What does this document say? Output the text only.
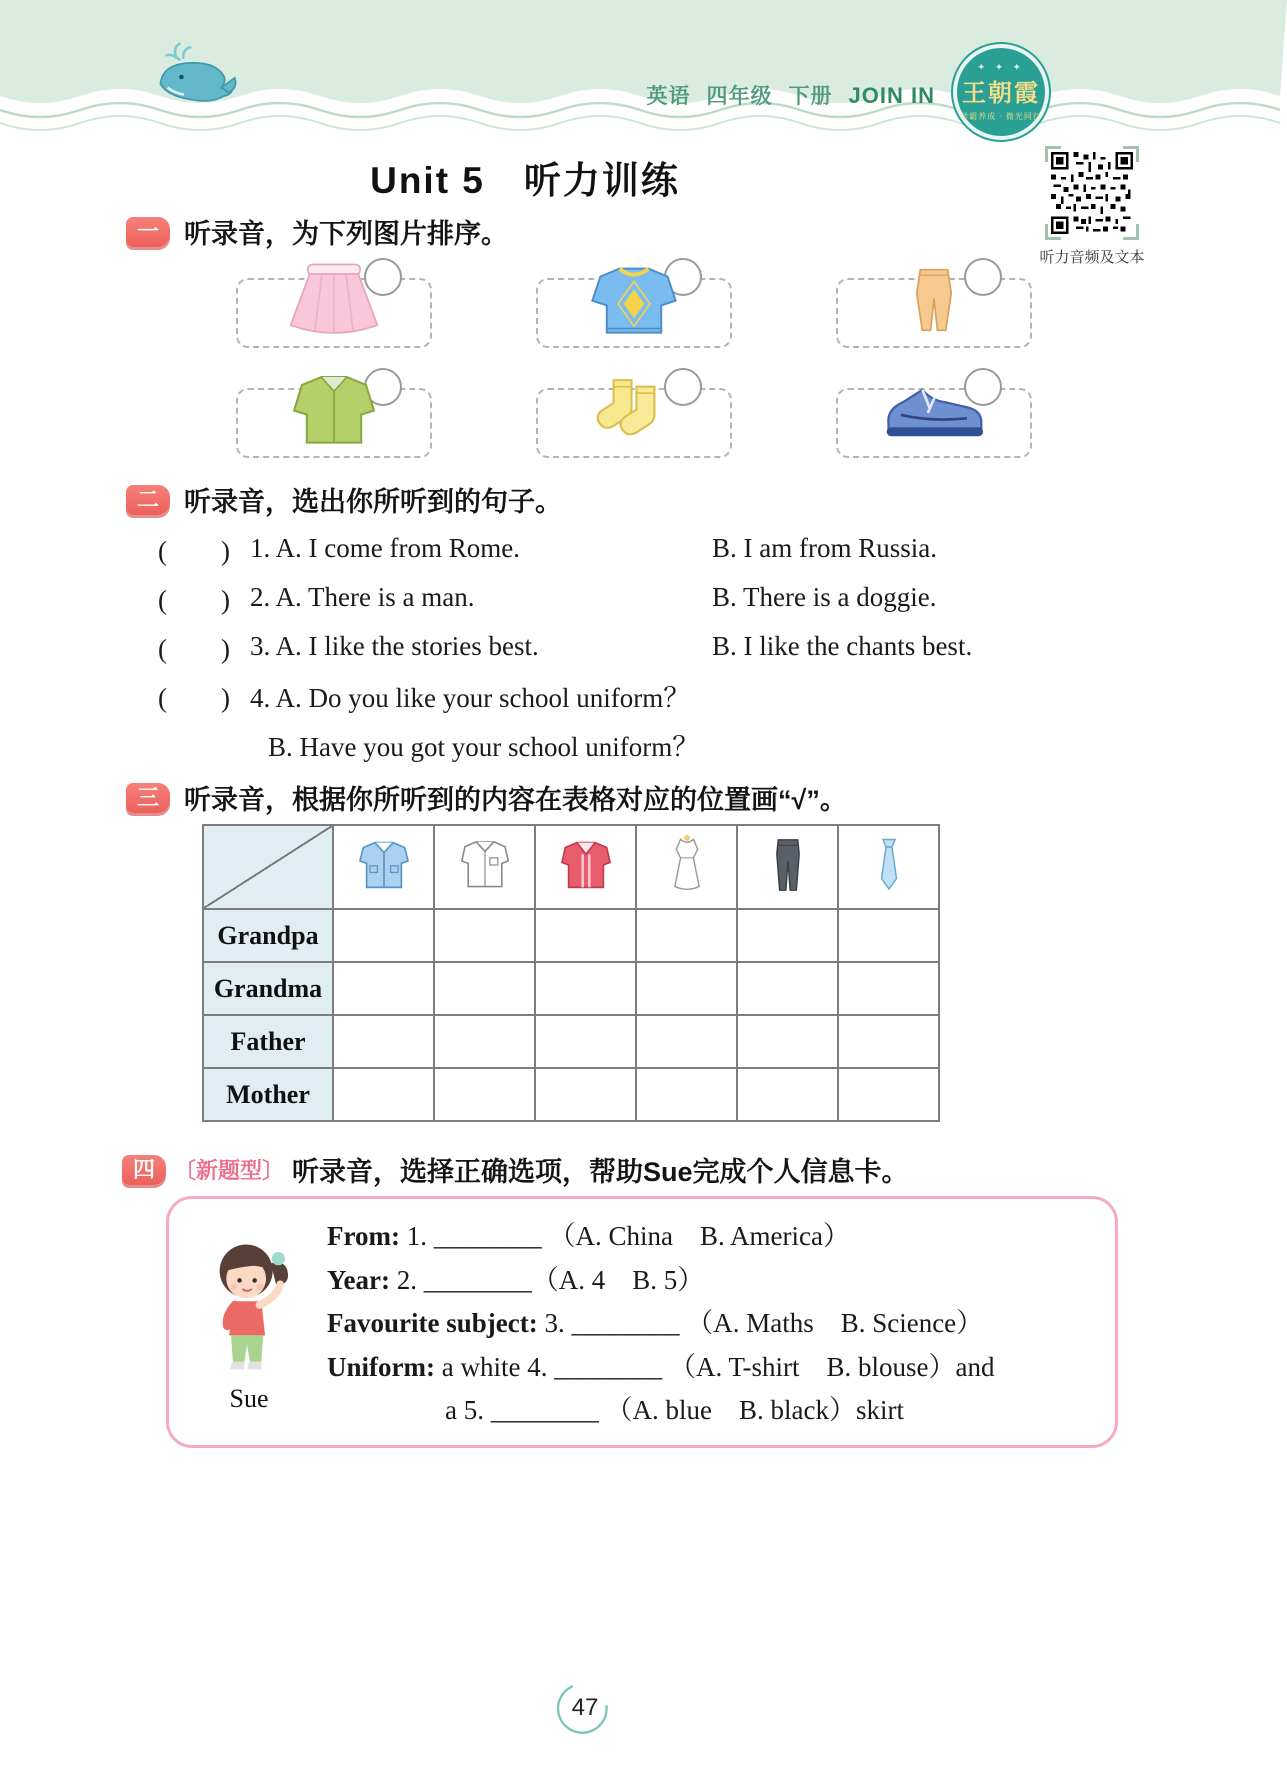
英语 四年级 下册 JOIN IN
✦ ✦ ✦
王朝霞
学霸养成 · 微光同行
Unit 5　听力训练
听力音频及文本
一 听录音，为下列图片排序。
二 听录音，选出你所听到的句子。
(　　) 1. A. I come from Rome.	B. I am from Russia.
(　　) 2. A. There is a man.	B. There is a doggie.
(　　) 3. A. I like the stories best.	B. I like the chants best.
(　　) 4. A. Do you like your school uniform？
B. Have you got your school uniform？
三 听录音，根据你所听到的内容在表格对应的位置画“√”。

Grandpa						
Grandma						
Father						
Mother						
四 〔新题型〕 听录音，选择正确选项，帮助Sue完成个人信息卡。
Sue
From: 1. ________ （A. China　B. America）
Year: 2. ________（A. 4　B. 5）
Favourite subject: 3. ________ （A. Maths　B. Science）
Uniform: a white 4. ________ （A. T-shirt　B. blouse）and
a 5. ________ （A. blue　B. black）skirt
47
